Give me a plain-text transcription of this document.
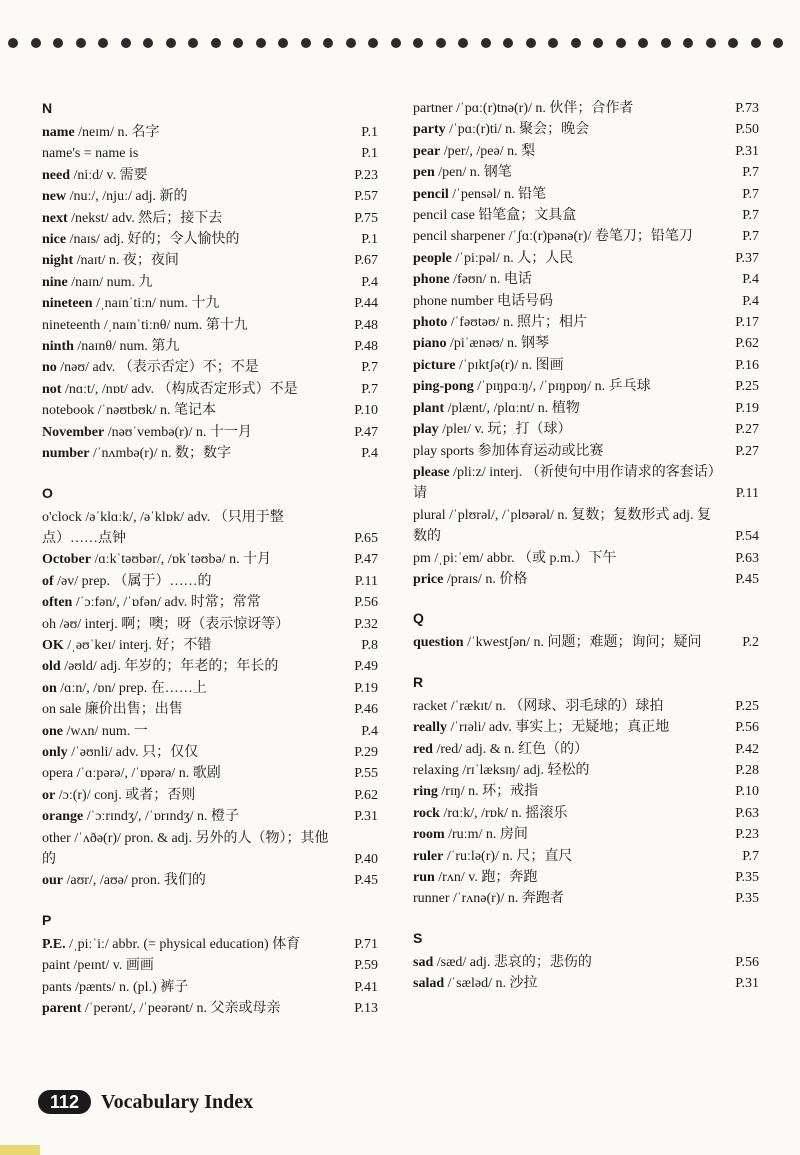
N
name /neɪm/ n. 名字	P.1
name's = name is	P.1
need /niːd/ v. 需要	P.23
new /nuː/, /njuː/ adj. 新的	P.57
next /nekst/ adv. 然后；接下去	P.75
nice /naɪs/ adj. 好的；令人愉快的	P.1
night /naɪt/ n. 夜；夜间	P.67
nine /naɪn/ num. 九	P.4
nineteen /ˌnaɪnˈtiːn/ num. 十九	P.44
nineteenth /ˌnaɪnˈtiːnθ/ num. 第十九	P.48
ninth /naɪnθ/ num. 第九	P.48
no /nəʊ/ adv. （表示否定）不；不是	P.7
not /nɑːt/, /nɒt/ adv. （构成否定形式）不是	P.7
notebook /ˈnəʊtbʊk/ n. 笔记本	P.10
November /nəʊˈvembə(r)/ n. 十一月	P.47
number /ˈnʌmbə(r)/ n. 数；数字	P.4
O
o'clock /əˈklɑːk/, /əˈklɒk/ adv. （只用于整点）……点钟	P.65
October /ɑːkˈtəʊbər/, /ɒkˈtəʊbə/ n. 十月	P.47
of /əv/ prep. （属于）……的	P.11
often /ˈɔːfən/, /ˈɒfən/ adv. 时常；常常	P.56
oh /əʊ/ interj. 啊；噢；呀（表示惊讶等）	P.32
OK /ˌəʊˈkeɪ/ interj. 好；不错	P.8
old /əʊld/ adj. 年岁的；年老的；年长的	P.49
on /ɑːn/, /ɒn/ prep. 在……上	P.19
on sale 廉价出售；出售	P.46
one /wʌn/ num. 一	P.4
only /ˈəʊnli/ adv. 只；仅仅	P.29
opera /ˈɑːpərə/, /ˈɒpərə/ n. 歌剧	P.55
or /ɔː(r)/ conj. 或者；否则	P.62
orange /ˈɔːrɪndʒ/, /ˈɒrɪndʒ/ n. 橙子	P.31
other /ˈʌðə(r)/ pron. & adj. 另外的人（物）；其他的	P.40
our /aʊr/, /aʊə/ pron. 我们的	P.45
P
P.E. /ˌpiːˈiː/ abbr. (= physical education) 体育	P.71
paint /peɪnt/ v. 画画	P.59
pants /pænts/ n. (pl.) 裤子	P.41
parent /ˈperənt/, /ˈpeərənt/ n. 父亲或母亲	P.13
partner /ˈpɑː(r)tnə(r)/ n. 伙伴；合作者	P.73
party /ˈpɑː(r)ti/ n. 聚会；晚会	P.50
pear /per/, /peə/ n. 梨	P.31
pen /pen/ n. 钢笔	P.7
pencil /ˈpensəl/ n. 铅笔	P.7
pencil case 铅笔盒；文具盒	P.7
pencil sharpener /ˈʃɑː(r)pənə(r)/ 卷笔刀；铅笔刀	P.7
people /ˈpiːpəl/ n. 人；人民	P.37
phone /fəʊn/ n. 电话	P.4
phone number 电话号码	P.4
photo /ˈfəʊtəʊ/ n. 照片；相片	P.17
piano /piˈænəʊ/ n. 钢琴	P.62
picture /ˈpɪktʃə(r)/ n. 图画	P.16
ping-pong /ˈpɪŋpɑːŋ/, /ˈpɪŋpɒŋ/ n. 乒乓球	P.25
plant /plænt/, /plɑːnt/ n. 植物	P.19
play /pleɪ/ v. 玩；打（球）	P.27
play sports 参加体育运动或比赛	P.27
please /pliːz/ interj. （祈使句中用作请求的客套话）请	P.11
plural /ˈplʊrəl/, /ˈplʊərəl/ n. 复数；复数形式 adj. 复数的	P.54
pm /ˌpiːˈem/ abbr. （或 p.m.）下午	P.63
price /praɪs/ n. 价格	P.45
Q
question /ˈkwestʃən/ n. 问题；难题；询问；疑问	P.2
R
racket /ˈrækɪt/ n. （网球、羽毛球的）球拍	P.25
really /ˈrɪəli/ adv. 事实上；无疑地；真正地	P.56
red /red/ adj. & n. 红色（的）	P.42
relaxing /rɪˈlæksɪŋ/ adj. 轻松的	P.28
ring /rɪŋ/ n. 环；戒指	P.10
rock /rɑːk/, /rɒk/ n. 摇滚乐	P.63
room /ruːm/ n. 房间	P.23
ruler /ˈruːlə(r)/ n. 尺；直尺	P.7
run /rʌn/ v. 跑；奔跑	P.35
runner /ˈrʌnə(r)/ n. 奔跑者	P.35
S
sad /sæd/ adj. 悲哀的；悲伤的	P.56
salad /ˈsæləd/ n. 沙拉	P.31
112	Vocabulary Index
